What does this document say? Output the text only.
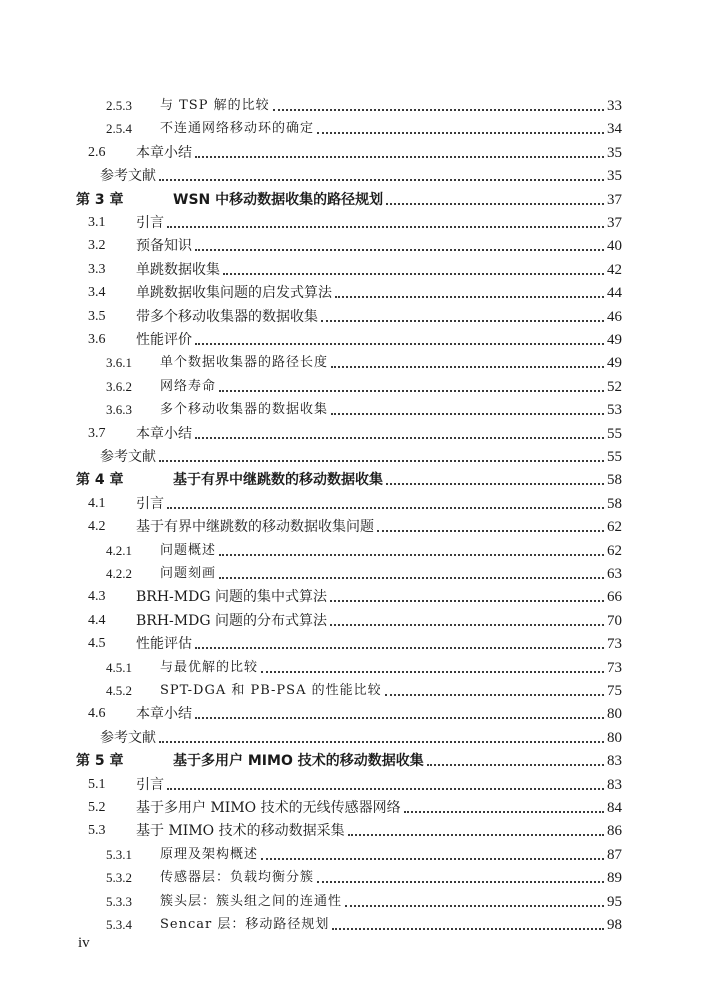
2.5.3	与 TSP 解的比较	33
2.5.4	不连通网络移动环的确定	34
2.6	本章小结	35
参考文献	35
第 3 章	WSN 中移动数据收集的路径规划	37
3.1	引言	37
3.2	预备知识	40
3.3	单跳数据收集	42
3.4	单跳数据收集问题的启发式算法	44
3.5	带多个移动收集器的数据收集	46
3.6	性能评价	49
3.6.1	单个数据收集器的路径长度	49
3.6.2	网络寿命	52
3.6.3	多个移动收集器的数据收集	53
3.7	本章小结	55
参考文献	55
第 4 章	基于有界中继跳数的移动数据收集	58
4.1	引言	58
4.2	基于有界中继跳数的移动数据收集问题	62
4.2.1	问题概述	62
4.2.2	问题刻画	63
4.3	BRH-MDG 问题的集中式算法	66
4.4	BRH-MDG 问题的分布式算法	70
4.5	性能评估	73
4.5.1	与最优解的比较	73
4.5.2	SPT-DGA 和 PB-PSA 的性能比较	75
4.6	本章小结	80
参考文献	80
第 5 章	基于多用户 MIMO 技术的移动数据收集	83
5.1	引言	83
5.2	基于多用户 MIMO 技术的无线传感器网络	84
5.3	基于 MIMO 技术的移动数据采集	86
5.3.1	原理及架构概述	87
5.3.2	传感器层：负载均衡分簇	89
5.3.3	簇头层：簇头组之间的连通性	95
5.3.4	Sencar 层：移动路径规划	98
iv
